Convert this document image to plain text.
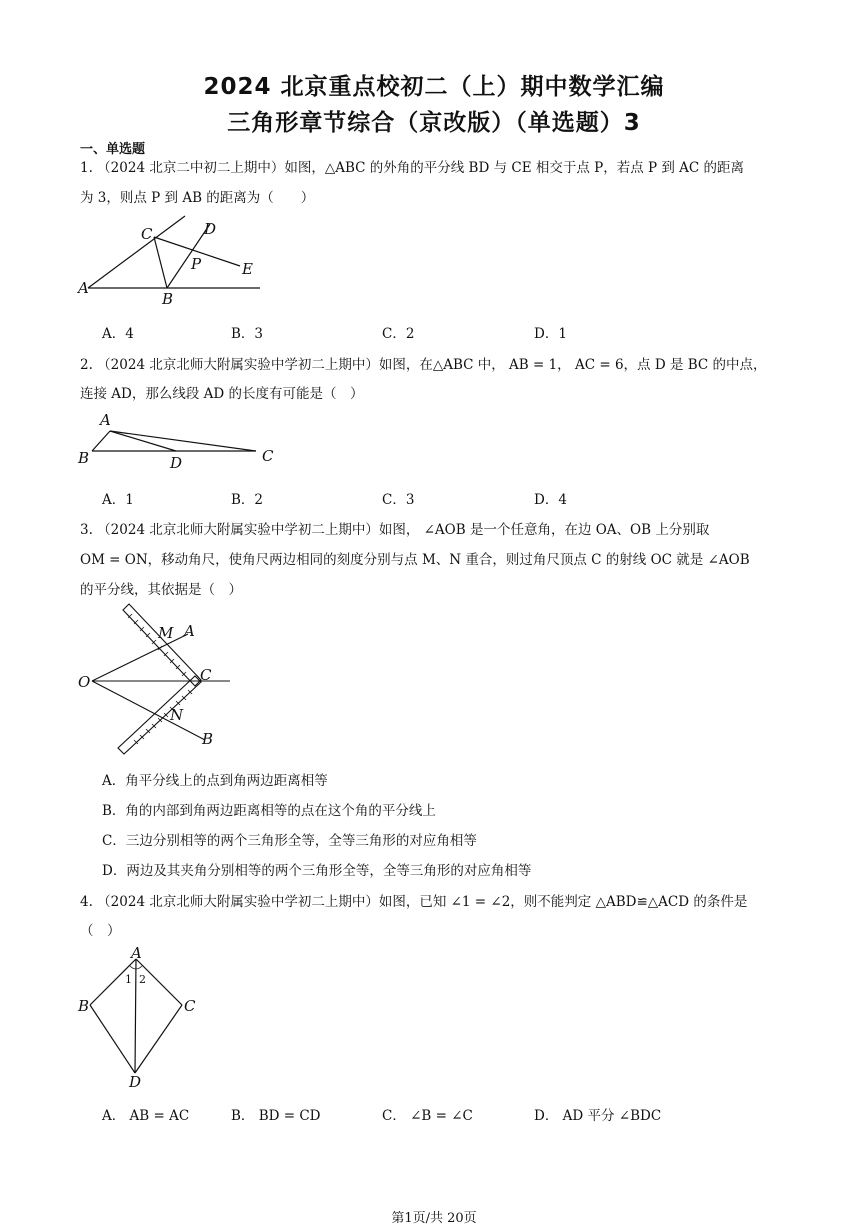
2024 北京重点校初二（上）期中数学汇编
三角形章节综合（京改版）（单选题）3
一、单选题
1. （2024 北京二中初二上期中）如图，△ABC 的外角的平分线 BD 与 CE 相交于点 P，若点 P 到 AC 的距离
为 3，则点 P 到 AB 的距离为（　　）
A
B
C	D
E
P
A．4	B．3	C．2	D．1
2. （2024 北京北师大附属实验中学初二上期中）如图，在△ABC 中， AB = 1， AC = 6，点 D 是 BC 的中点，
连接 AD，那么线段 AD 的长度有可能是（　）
A
B	C
D
A．1	B．2	C．3	D．4
3. （2024 北京北师大附属实验中学初二上期中）如图， ∠AOB 是一个任意角，在边 OA、OB 上分别取
OM = ON，移动角尺，使角尺两边相同的刻度分别与点 M、N 重合，则过角尺顶点 C 的射线 OC 就是 ∠AOB
的平分线，其依据是（　）
O
M A
C
N
B
A．角平分线上的点到角两边距离相等
B．角的内部到角两边距离相等的点在这个角的平分线上
C．三边分别相等的两个三角形全等，全等三角形的对应角相等
D．两边及其夹角分别相等的两个三角形全等，全等三角形的对应角相等
4. （2024 北京北师大附属实验中学初二上期中）如图，已知 ∠1 = ∠2，则不能判定 △ABD≌△ACD 的条件是
（　）
A
B	C
D
1 2
A． AB = AC	B． BD = CD	C． ∠B = ∠C	D． AD 平分 ∠BDC
第1页/共 20页
